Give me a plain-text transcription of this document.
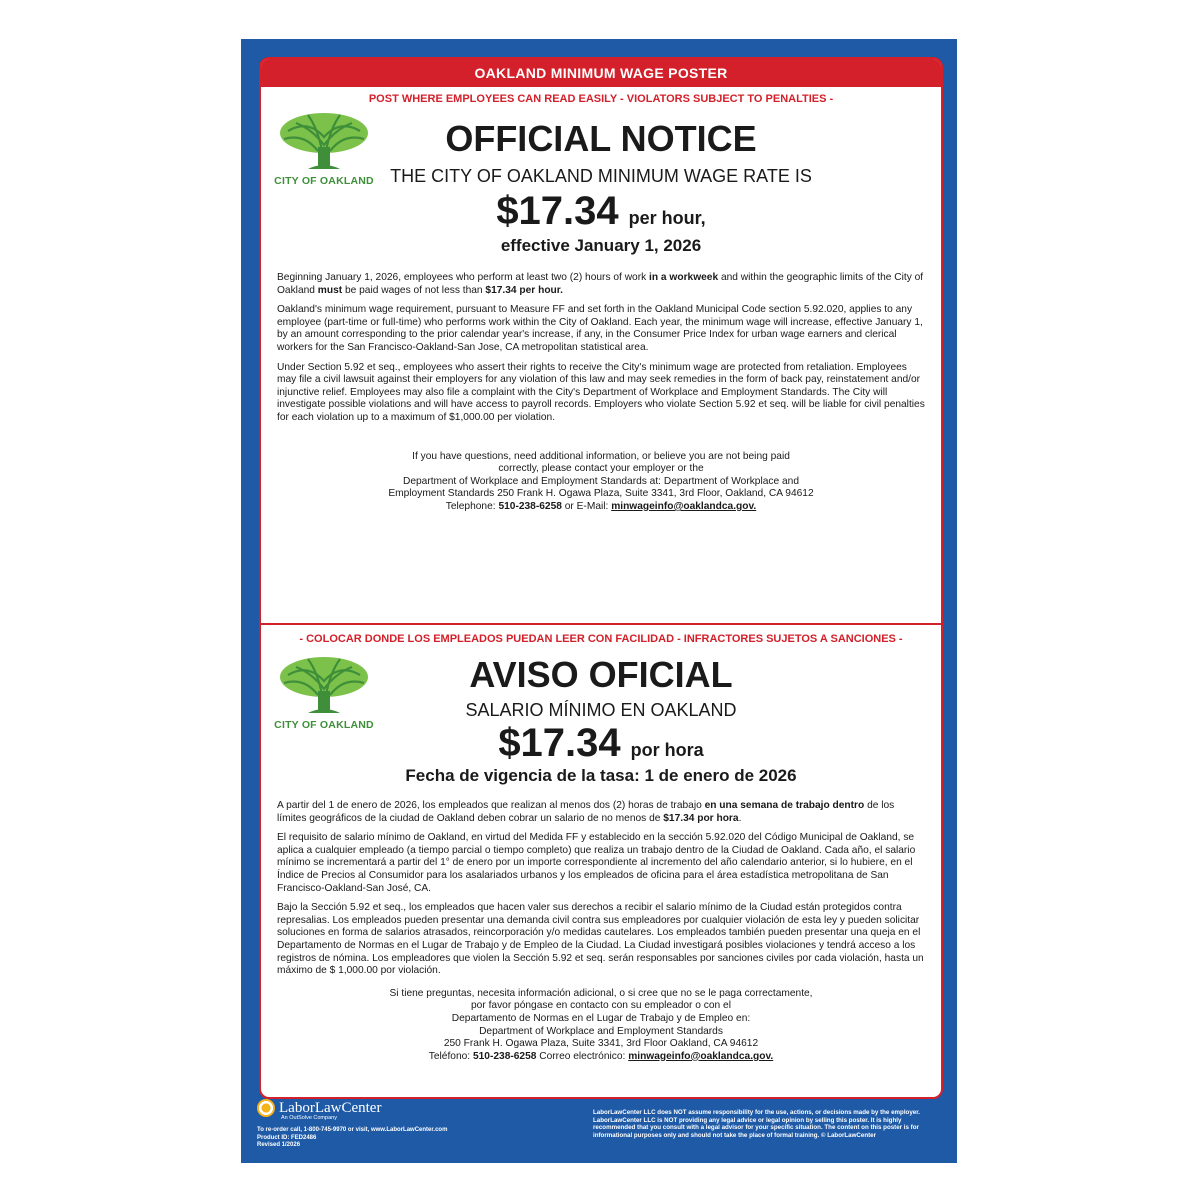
OAKLAND MINIMUM WAGE POSTER
POST WHERE EMPLOYEES CAN READ EASILY - VIOLATORS SUBJECT TO PENALTIES -
CITY OF OAKLAND
OFFICIAL NOTICE
THE CITY OF OAKLAND MINIMUM WAGE RATE IS
$17.34 per hour,
effective January 1, 2026

Beginning January 1, 2026, employees who perform at least two (2) hours of work in a workweek and within the geographic limits of the City of Oakland must be paid wages of not less than $17.34 per hour.

Oakland's minimum wage requirement, pursuant to Measure FF and set forth in the Oakland Municipal Code section 5.92.020, applies to any employee (part-time or full-time) who performs work within the City of Oakland. Each year, the minimum wage will increase, effective January 1, by an amount corresponding to the prior calendar year's increase, if any, in the Consumer Price Index for urban wage earners and clerical workers for the San Francisco-Oakland-San Jose, CA metropolitan statistical area.

Under Section 5.92 et seq., employees who assert their rights to receive the City's minimum wage are protected from retaliation. Employees may file a civil lawsuit against their employers for any violation of this law and may seek remedies in the form of back pay, reinstatement and/or injunctive relief. Employees may also file a complaint with the City's Department of Workplace and Employment Standards. The City will investigate possible violations and will have access to payroll records. Employers who violate Section 5.92 et seq. will be liable for civil penalties for each violation up to a maximum of $1,000.00 per violation.

If you have questions, need additional information, or believe you are not being paid
correctly, please contact your employer or the
Department of Workplace and Employment Standards at: Department of Workplace and
Employment Standards 250 Frank H. Ogawa Plaza, Suite 3341, 3rd Floor, Oakland, CA 94612
Telephone: 510-238-6258 or E-Mail: minwageinfo@oaklandca.gov.
- COLOCAR DONDE LOS EMPLEADOS PUEDAN LEER CON FACILIDAD - INFRACTORES SUJETOS A SANCIONES -
CITY OF OAKLAND
AVISO OFICIAL
SALARIO MÍNIMO EN OAKLAND
$17.34 por hora
Fecha de vigencia de la tasa: 1 de enero de 2026

A partir del 1 de enero de 2026, los empleados que realizan al menos dos (2) horas de trabajo en una semana de trabajo dentro de los límites geográficos de la ciudad de Oakland deben cobrar un salario de no menos de $17.34 por hora.

El requisito de salario mínimo de Oakland, en virtud del Medida FF y establecido en la sección 5.92.020 del Código Municipal de Oakland, se aplica a cualquier empleado (a tiempo parcial o tiempo completo) que realiza un trabajo dentro de la Ciudad de Oakland. Cada año, el salario mínimo se incrementará a partir del 1° de enero por un importe correspondiente al incremento del año calendario anterior, si lo hubiere, en el Índice de Precios al Consumidor para los asalariados urbanos y los empleados de oficina para el área estadística metropolitana de San Francisco-Oakland-San José, CA.

Bajo la Sección 5.92 et seq., los empleados que hacen valer sus derechos a recibir el salario mínimo de la Ciudad están protegidos contra represalias. Los empleados pueden presentar una demanda civil contra sus empleadores por cualquier violación de esta ley y pueden solicitar soluciones en forma de salarios atrasados, reincorporación y/o medidas cautelares. Los empleados también pueden presentar una queja en el Departamento de Normas en el Lugar de Trabajo y de Empleo de la Ciudad. La Ciudad investigará posibles violaciones y tendrá acceso a los registros de nómina. Los empleadores que violen la Sección 5.92 et seq. serán responsables por sanciones civiles por cada violación, hasta un máximo de $ 1,000.00 por violación.

Si tiene preguntas, necesita información adicional, o si cree que no se le paga correctamente,
por favor póngase en contacto con su empleador o con el
Departamento de Normas en el Lugar de Trabajo y de Empleo en:
Department of Workplace and Employment Standards
250 Frank H. Ogawa Plaza, Suite 3341, 3rd Floor Oakland, CA 94612
Teléfono: 510-238-6258 Correo electrónico: minwageinfo@oaklandca.gov.
LaborLawCenter
An OutSolve Company
To re-order call, 1-800-745-9970 or visit, www.LaborLawCenter.com
Product ID: FED2486
Revised 1/2026
LaborLawCenter LLC does NOT assume responsibility for the use, actions, or decisions made by the employer. LaborLawCenter LLC is NOT providing any legal advice or legal opinion by selling this poster. It is highly recommended that you consult with a legal advisor for your specific situation. The content on this poster is for informational purposes only and should not take the place of formal training. © LaborLawCenter
